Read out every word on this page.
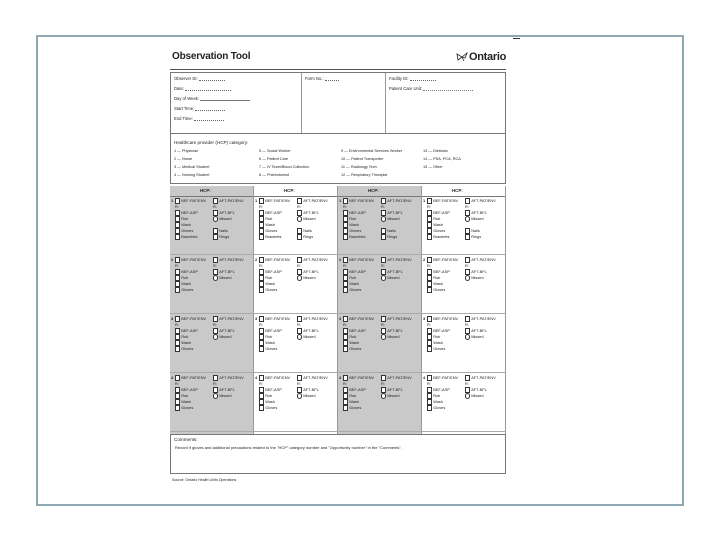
Observation Tool	Ontario
Observer ID:
Date:
Day of Week:
Start Time:
End Time:
Form No.:	Facility ID:
Patient Care Unit:
Healthcare provider (HCP) category:
1 — Physician	5 — Social Worker	9 — Environmental Services Worker	13 — Dietician
2 — Nurse	6 — Patient Care	10 — Patient Transporter	14 — PSA, PCA, RCA
3 — Medical Student	7 — IV Team/Blood Collection	11 — Radiology Tech	15 — Other
4 — Nursing Student	8 — Phlebotomist	12 — Respiratory Therapist
HCP:
1	BEF-PAT/ENV	AFT-PAT/ENV
R:	R:
BEF-ASP	AFT-BFL
Rub	Missed
Wash
Gloves	Nails
Bracelets	Rings
2	BEF-PAT/ENV	AFT-PAT/ENV
R:	R:
BEF-ASP	AFT-BFL
Rub	Missed
Wash
Gloves
3	BEF-PAT/ENV	AFT-PAT/ENV
R:	R:
BEF-ASP	AFT-BFL
Rub	Missed
Wash
Gloves
4	BEF-PAT/ENV	AFT-PAT/ENV
R:	R:
BEF-ASP	AFT-BFL
Rub	Missed
Wash
Gloves
HCP:
1	BEF-PAT/ENV	AFT-PAT/ENV
R:	R:
BEF-ASP	AFT-BFL
Rub	Missed
Wash
Gloves	Nails
Bracelets	Rings
2	BEF-PAT/ENV	AFT-PAT/ENV
R:	R:
BEF-ASP	AFT-BFL
Rub	Missed
Wash
Gloves
3	BEF-PAT/ENV	AFT-PAT/ENV
R:	R:
BEF-ASP	AFT-BFL
Rub	Missed
Wash
Gloves
4	BEF-PAT/ENV	AFT-PAT/ENV
R:	R:
BEF-ASP	AFT-BFL
Rub	Missed
Wash
Gloves
HCP:
1	BEF-PAT/ENV	AFT-PAT/ENV
R:	R:
BEF-ASP	AFT-BFL
Rub	Missed
Wash
Gloves	Nails
Bracelets	Rings
2	BEF-PAT/ENV	AFT-PAT/ENV
R:	R:
BEF-ASP	AFT-BFL
Rub	Missed
Wash
Gloves
3	BEF-PAT/ENV	AFT-PAT/ENV
R:	R:
BEF-ASP	AFT-BFL
Rub	Missed
Wash
Gloves
4	BEF-PAT/ENV	AFT-PAT/ENV
R:	R:
BEF-ASP	AFT-BFL
Rub	Missed
Wash
Gloves
HCP:
1	BEF-PAT/ENV	AFT-PAT/ENV
R:	R:
BEF-ASP	AFT-BFL
Rub	Missed
Wash
Gloves	Nails
Bracelets	Rings
2	BEF-PAT/ENV	AFT-PAT/ENV
R:	R:
BEF-ASP	AFT-BFL
Rub	Missed
Wash
Gloves
3	BEF-PAT/ENV	AFT-PAT/ENV
R:	R:
BEF-ASP	AFT-BFL
Rub	Missed
Wash
Gloves
4	BEF-PAT/ENV	AFT-PAT/ENV
R:	R:
BEF-ASP	AFT-BFL
Rub	Missed
Wash
Gloves
Comments:
Record if gloves and additional precautions related to the "HCP" category number and "Opportunity number" in the "Comments".
Source: Ontario Health Units Operations
